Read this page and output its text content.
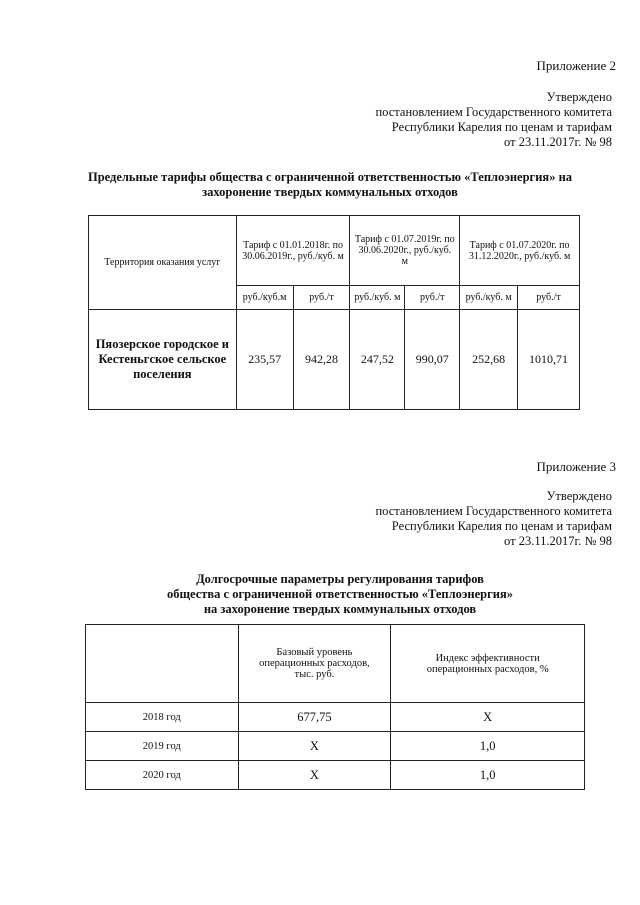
Приложение 2
Утверждено
постановлением Государственного комитета
Республики Карелия по ценам и тарифам
от 23.11.2017г. № 98
Предельные тарифы общества с ограниченной ответственностью «Теплоэнергия» на
захоронение твердых коммунальных отходов
Территория оказания услуг	Тариф с 01.01.2018г. по 30.06.2019г., руб./куб. м		Тариф с 01.07.2019г. по 30.06.2020г., руб./куб. м		Тариф с 01.07.2020г. по 31.12.2020г., руб./куб. м	
	руб./куб.м	руб./т	руб./куб. м	руб./т	руб./куб. м	руб./т
Пяозерское городское и Кестеньгское сельское поселения	235,57	942,28	247,52	990,07	252,68	1010,71
Приложение 3
Утверждено
постановлением Государственного комитета
Республики Карелия по ценам и тарифам
от 23.11.2017г. № 98
Долгосрочные параметры регулирования тарифов
общества с ограниченной ответственностью «Теплоэнергия»
на захоронение твердых коммунальных отходов
	Базовый уровень операционных расходов, тыс. руб.	Индекс эффективности операционных расходов, %
2018 год	677,75	Х
2019 год	Х	1,0
2020 год	Х	1,0
